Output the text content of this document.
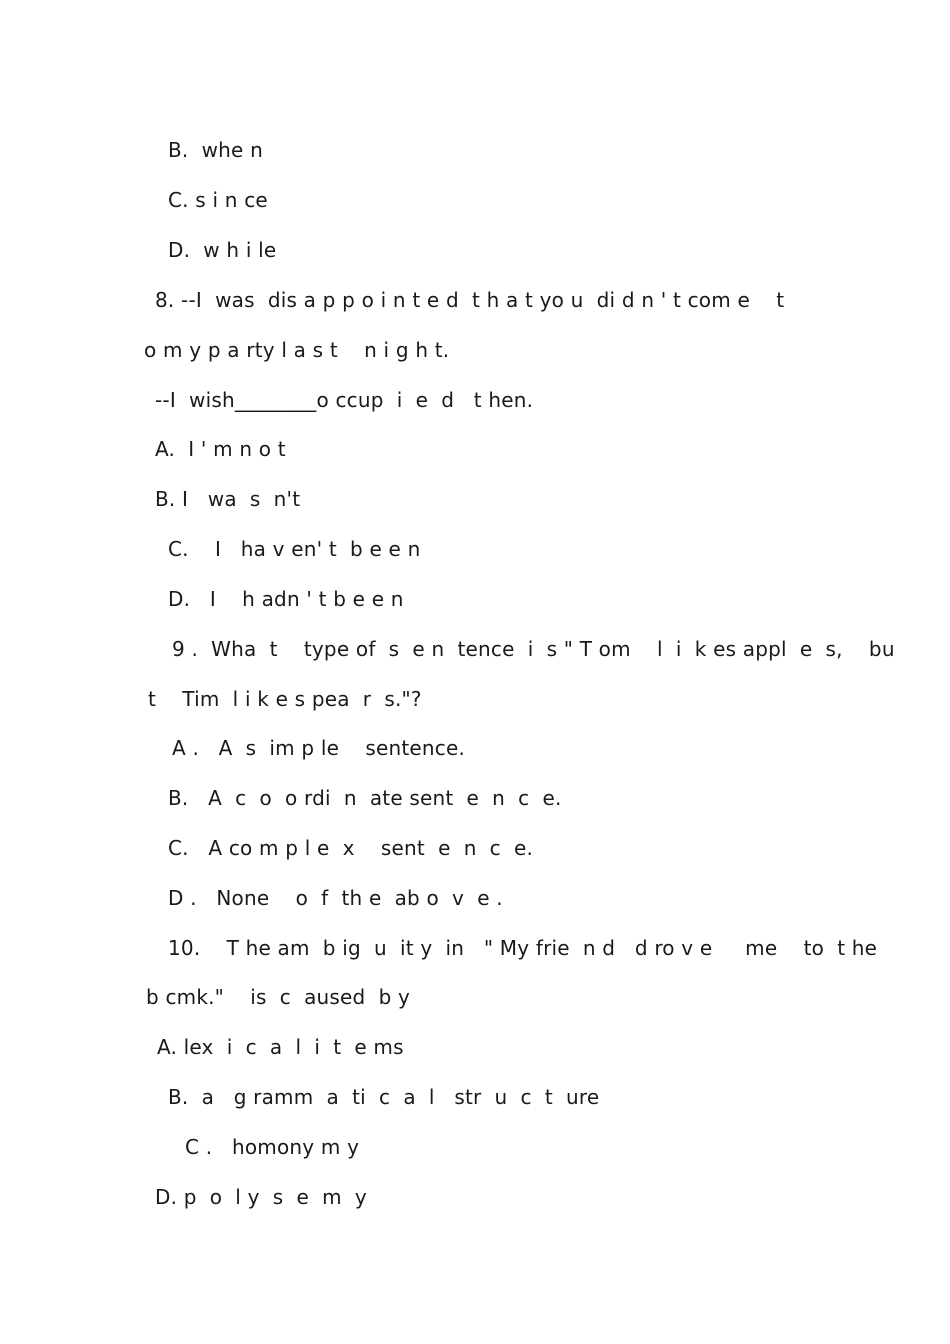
B.  whe n
C. s i n ce
D.  w h i le
8. --I  was  dis a p p o i n t e d  t h a t yo u  di d n ' t com e    t
o m y p a rty l a s t    n i g h t.
--I  wish________o ccup  i  e  d   t hen.
A.  I ' m n o t
B. I   wa  s  n't
C.    I   ha v en' t  b e e n
D.   I    h adn ' t b e e n
9 .  Wha  t    type of  s  e n  tence  i  s " T om    l  i  k es appl  e  s,    bu
t    Tim  l i k e s pea  r  s."?
A .   A  s  im p le    sentence.
B.   A  c  o  o rdi  n  ate sent  e  n  c  e.
C.   A co m p l e  x    sent  e  n  c  e.
D .   None    o  f  th e  ab o  v  e .
10.    T he am  b ig  u  it y  in   " My frie  n d   d ro v e     me    to  t he
b cmk."    is  c  aused  b y
A. lex  i  c  a  l  i  t  e ms
B.  a   g ramm  a  ti  c  a  l   str  u  c  t  ure
C .   homony m y
D. p  o  l y  s  e  m  y
